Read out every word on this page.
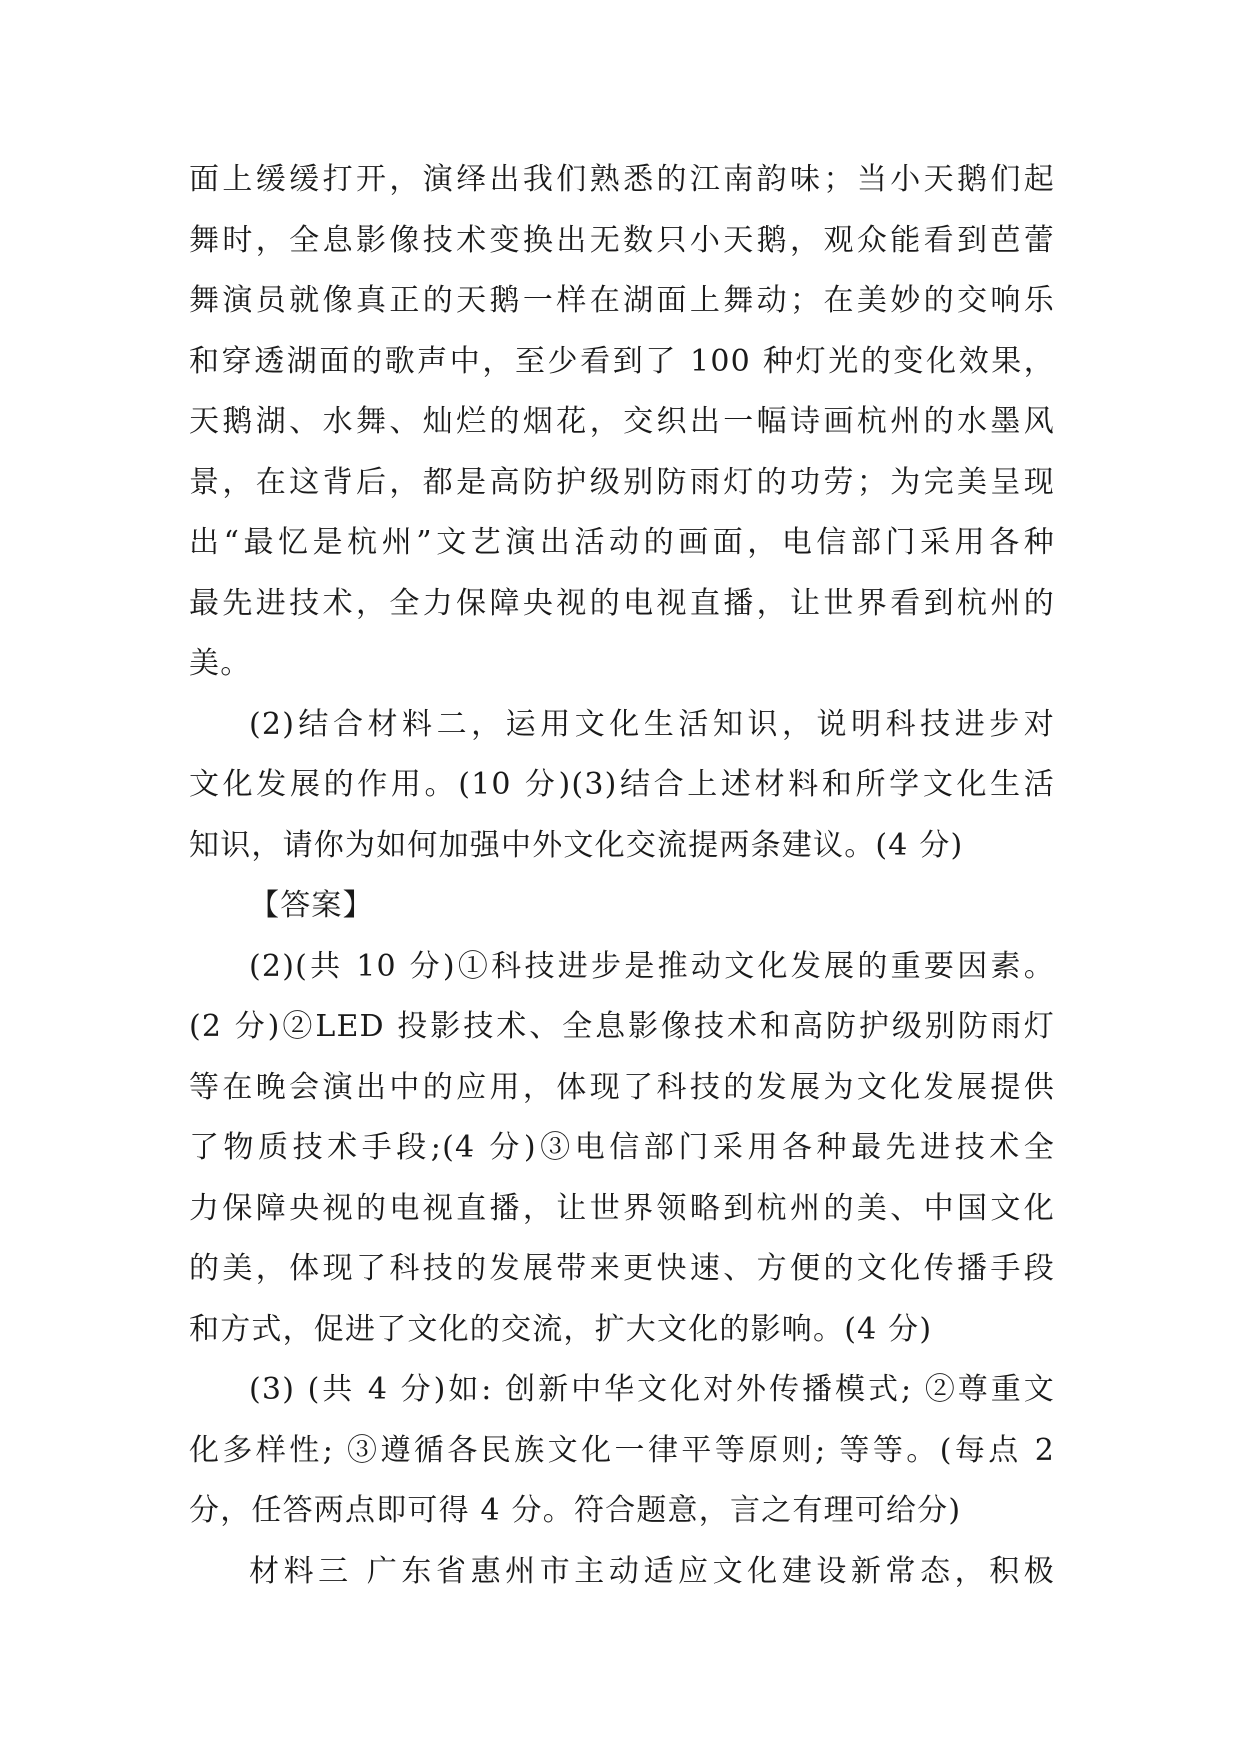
面上缓缓打开，演绎出我们熟悉的江南韵味；当小天鹅们起
舞时，全息影像技术变换出无数只小天鹅，观众能看到芭蕾
舞演员就像真正的天鹅一样在湖面上舞动；在美妙的交响乐
和穿透湖面的歌声中，至少看到了 100 种灯光的变化效果，
天鹅湖、水舞、灿烂的烟花，交织出一幅诗画杭州的水墨风
景，在这背后，都是高防护级别防雨灯的功劳；为完美呈现
出“最忆是杭州”文艺演出活动的画面，电信部门采用各种
最先进技术，全力保障央视的电视直播，让世界看到杭州的
美。
(2)结合材料二，运用文化生活知识，说明科技进步对
文化发展的作用。(10 分)(3)结合上述材料和所学文化生活
知识，请你为如何加强中外文化交流提两条建议。(4 分)
【答案】
(2)(共 10 分)①科技进步是推动文化发展的重要因素。
(2 分)②LED 投影技术、全息影像技术和高防护级别防雨灯
等在晚会演出中的应用，体现了科技的发展为文化发展提供
了物质技术手段;(4 分)③电信部门采用各种最先进技术全
力保障央视的电视直播，让世界领略到杭州的美、中国文化
的美，体现了科技的发展带来更快速、方便的文化传播手段
和方式，促进了文化的交流，扩大文化的影响。(4 分)
(3) (共 4 分)如: 创新中华文化对外传播模式; ②尊重文
化多样性; ③遵循各民族文化一律平等原则; 等等。(每点 2
分，任答两点即可得 4 分。符合题意，言之有理可给分)
材料三 广东省惠州市主动适应文化建设新常态，积极
